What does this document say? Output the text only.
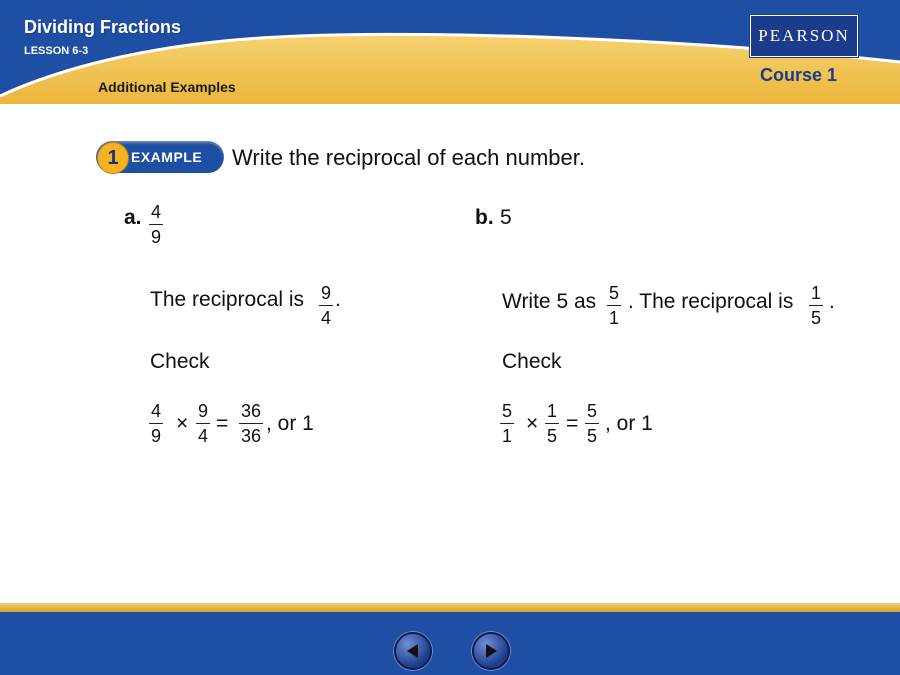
Dividing Fractions
LESSON 6-3
Additional Examples
PEARSON
Course 1
1 EXAMPLE Write the reciprocal of each number.
a. $\frac{4}{9}$
The reciprocal is $\frac{9}{4}$ .
Check
$\frac{4}{9} \times \frac{9}{4} = \frac{36}{36}$ , or 1
b. 5
Write 5 as $\frac{5}{1}$ . The reciprocal is $\frac{1}{5}$ .
Check
$\frac{5}{1} \times \frac{1}{5} = \frac{5}{5}$ , or 1
